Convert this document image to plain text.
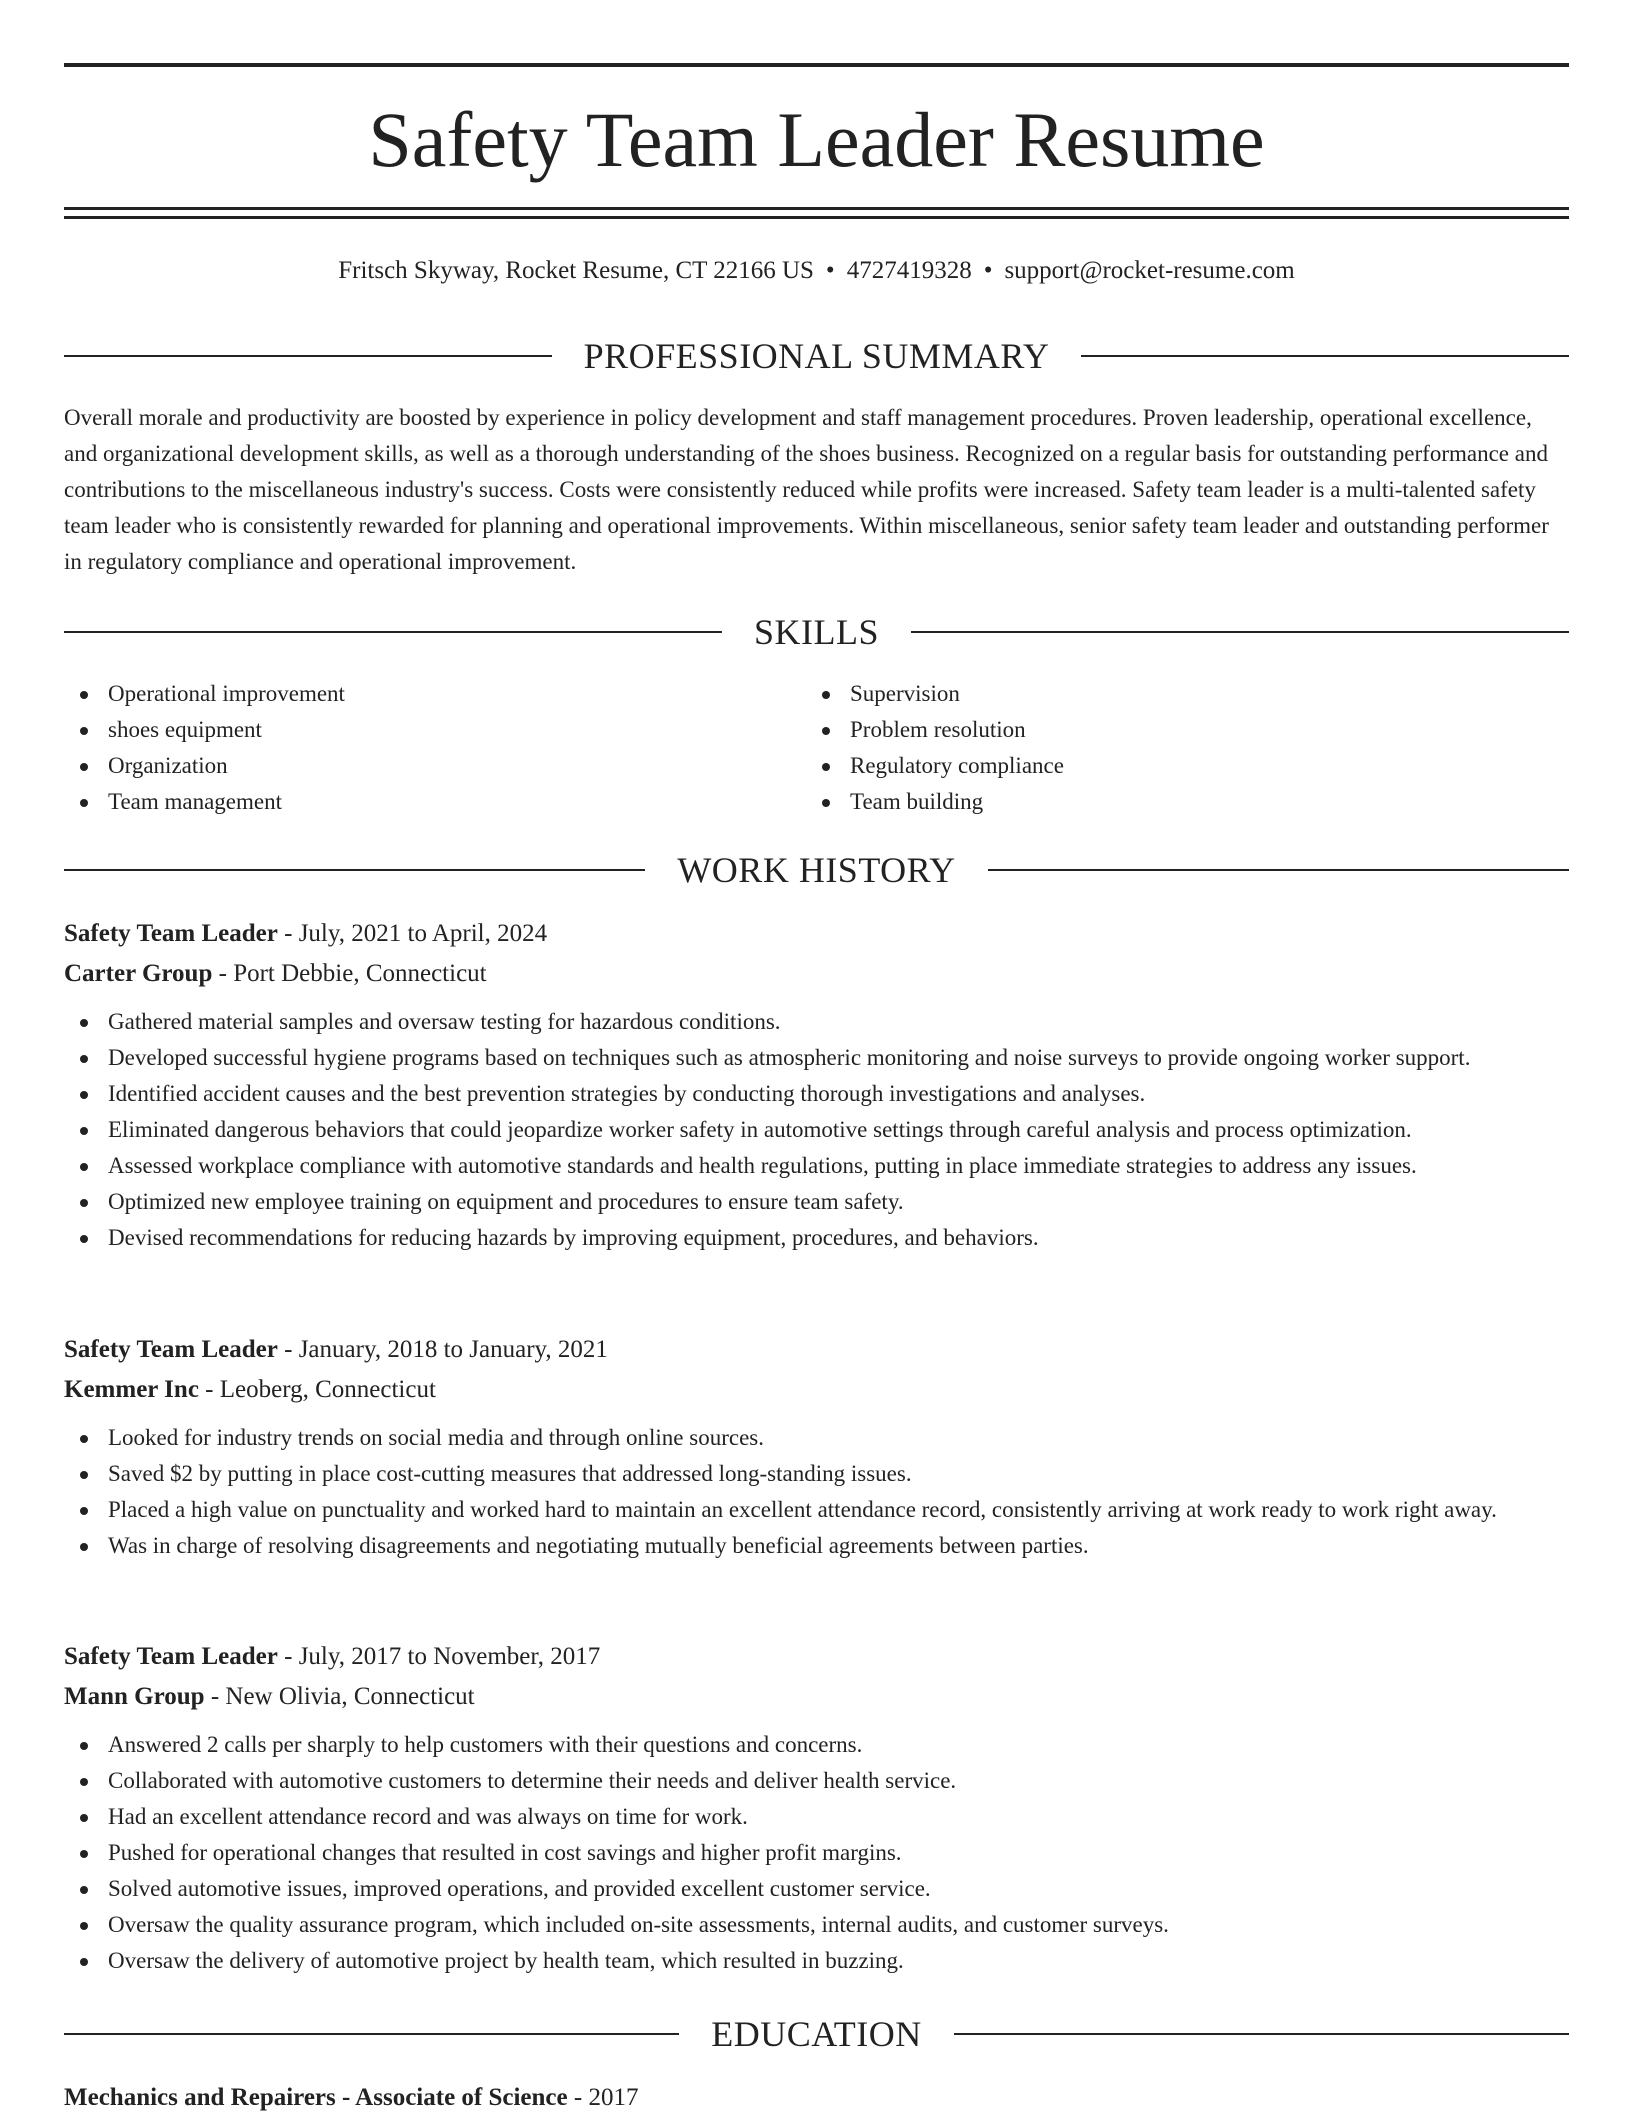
Safety Team Leader Resume
Fritsch Skyway, Rocket Resume, CT 22166 US • 4727419328 • support@rocket-resume.com
PROFESSIONAL SUMMARY
Overall morale and productivity are boosted by experience in policy development and staff management procedures. Proven leadership, operational excellence, and organizational development skills, as well as a thorough understanding of the shoes business. Recognized on a regular basis for outstanding performance and contributions to the miscellaneous industry's success. Costs were consistently reduced while profits were increased. Safety team leader is a multi-talented safety team leader who is consistently rewarded for planning and operational improvements. Within miscellaneous, senior safety team leader and outstanding performer in regulatory compliance and operational improvement.
SKILLS
Operational improvement
shoes equipment
Organization
Team management
Supervision
Problem resolution
Regulatory compliance
Team building
WORK HISTORY
Safety Team Leader - July, 2021 to April, 2024
Carter Group - Port Debbie, Connecticut
Gathered material samples and oversaw testing for hazardous conditions.
Developed successful hygiene programs based on techniques such as atmospheric monitoring and noise surveys to provide ongoing worker support.
Identified accident causes and the best prevention strategies by conducting thorough investigations and analyses.
Eliminated dangerous behaviors that could jeopardize worker safety in automotive settings through careful analysis and process optimization.
Assessed workplace compliance with automotive standards and health regulations, putting in place immediate strategies to address any issues.
Optimized new employee training on equipment and procedures to ensure team safety.
Devised recommendations for reducing hazards by improving equipment, procedures, and behaviors.
Safety Team Leader - January, 2018 to January, 2021
Kemmer Inc - Leoberg, Connecticut
Looked for industry trends on social media and through online sources.
Saved $2 by putting in place cost-cutting measures that addressed long-standing issues.
Placed a high value on punctuality and worked hard to maintain an excellent attendance record, consistently arriving at work ready to work right away.
Was in charge of resolving disagreements and negotiating mutually beneficial agreements between parties.
Safety Team Leader - July, 2017 to November, 2017
Mann Group - New Olivia, Connecticut
Answered 2 calls per sharply to help customers with their questions and concerns.
Collaborated with automotive customers to determine their needs and deliver health service.
Had an excellent attendance record and was always on time for work.
Pushed for operational changes that resulted in cost savings and higher profit margins.
Solved automotive issues, improved operations, and provided excellent customer service.
Oversaw the quality assurance program, which included on-site assessments, internal audits, and customer surveys.
Oversaw the delivery of automotive project by health team, which resulted in buzzing.
EDUCATION
Mechanics and Repairers - Associate of Science - 2017
